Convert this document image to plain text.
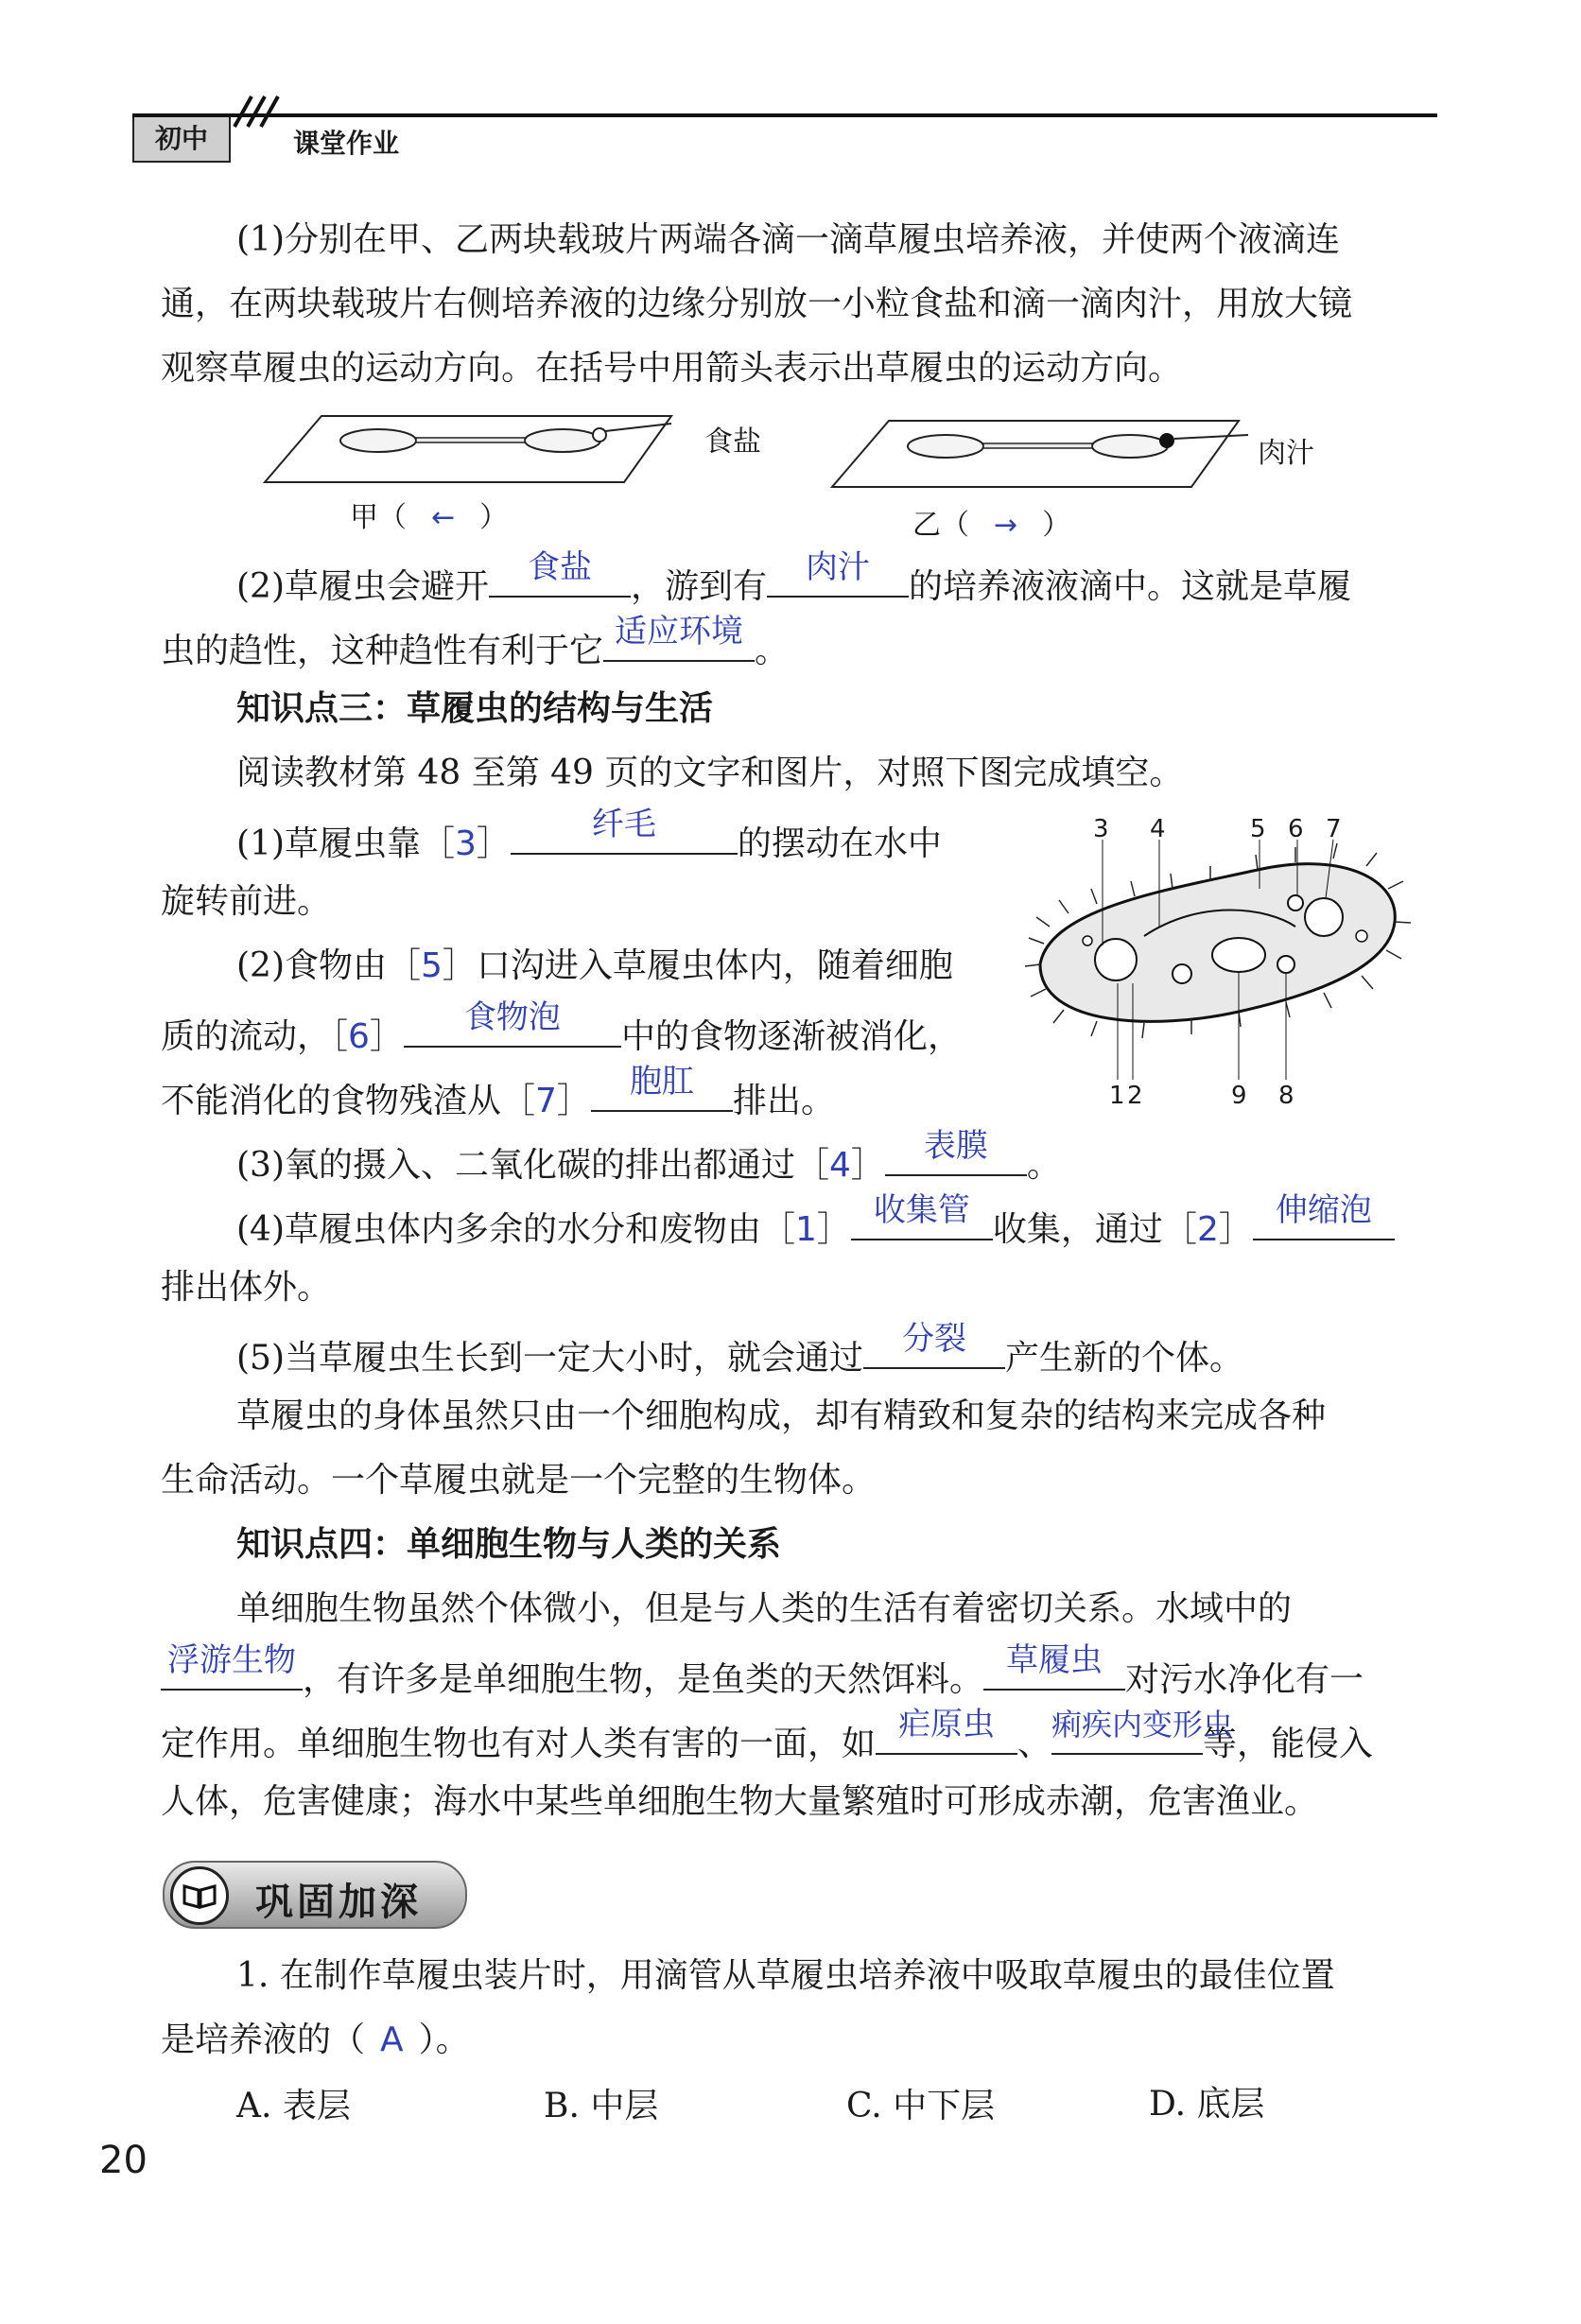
初中	课堂作业
(1)分别在甲、乙两块载玻片两端各滴一滴草履虫培养液，并使两个液滴连
通，在两块载玻片右侧培养液的边缘分别放一小粒食盐和滴一滴肉汁，用放大镜
观察草履虫的运动方向。在括号中用箭头表示出草履虫的运动方向。
食盐	肉汁
甲（ ← ）	乙（ → ）
(2)草履虫会避开	食盐	，游到有	肉汁	的培养液液滴中。这就是草履
虫的趋性，这种趋性有利于它 适应环境 。
知识点三：草履虫的结构与生活
阅读教材第 48 至第 49 页的文字和图片，对照下图完成填空。
(1)草履虫靠［3］	纤毛	的摆动在水中
旋转前进。
(2)食物由［5］口沟进入草履虫体内，随着细胞
质的流动，［6］	食物泡	中的食物逐渐被消化，
不能消化的食物残渣从［7］	胞肛	排出。
3 4	5 6 7
1 2	9 8
(3)氧的摄入、二氧化碳的排出都通过［4］	表膜	。
(4)草履虫体内多余的水分和废物由［1］ 收集管 收集，通过［2］ 伸缩泡
排出体外。
(5)当草履虫生长到一定大小时，就会通过	分裂	产生新的个体。
草履虫的身体虽然只由一个细胞构成，却有精致和复杂的结构来完成各种
生命活动。一个草履虫就是一个完整的生物体。
知识点四：单细胞生物与人类的关系
单细胞生物虽然个体微小，但是与人类的生活有着密切关系。水域中的
浮游生物 ，有许多是单细胞生物，是鱼类的天然饵料。 草履虫 对污水净化有一
定作用。单细胞生物也有对人类有害的一面，如 疟原虫 、 痢疾内变形虫
等，能侵入
人体，危害健康；海水中某些单细胞生物大量繁殖时可形成赤潮，危害渔业。
巩固加深
1. 在制作草履虫装片时，用滴管从草履虫培养液中吸取草履虫的最佳位置
是培养液的（ A ）。
A. 表层	B. 中层	C. 中下层	D. 底层
20
